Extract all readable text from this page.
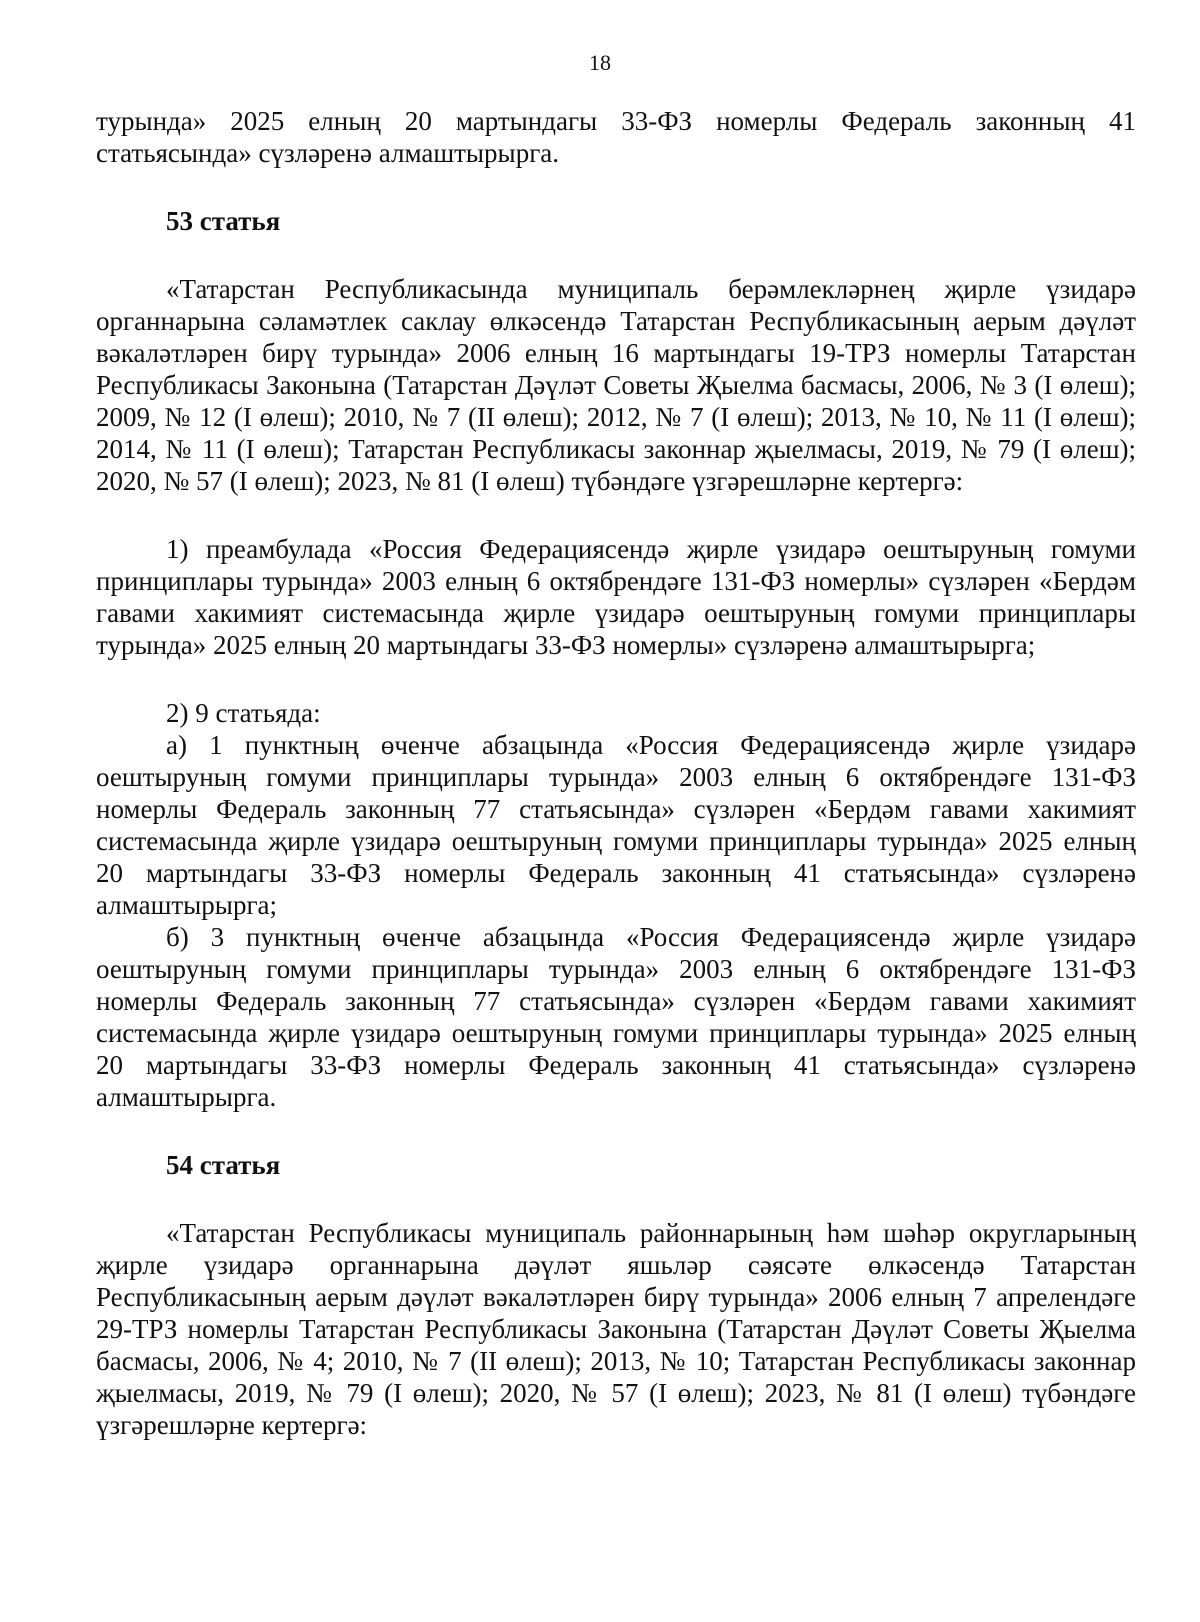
18

турында» 2025 елның 20 мартындагы 33-ФЗ номерлы Федераль законның 41 статьясында» сүзләренә алмаштырырга.

53 статья

«Татарстан Республикасында муниципаль берәмлекләрнең җирле үзидарә органнарына сәламәтлек саклау өлкәсендә Татарстан Республикасының аерым дәүләт вәкаләтләрен бирү турында» 2006 елның 16 мартындагы 19-ТРЗ номерлы Татарстан Республикасы Законына (Татарстан Дәүләт Советы Җыелма басмасы, 2006, № 3 (I өлеш); 2009, № 12 (I өлеш); 2010, № 7 (II өлеш); 2012, № 7 (I өлеш); 2013, № 10, № 11 (I өлеш); 2014, № 11 (I өлеш); Татарстан Республикасы законнар җыелмасы, 2019, № 79 (I өлеш); 2020, № 57 (I өлеш); 2023, № 81 (I өлеш) түбәндәге үзгәрешләрне кертергә:

1) преамбулада «Россия Федерациясендә җирле үзидарә оештыруның гомуми принциплары турында» 2003 елның 6 октябрендәге 131-ФЗ номерлы» сүзләрен «Бердәм гавами хакимият системасында җирле үзидарә оештыруның гомуми принциплары турында» 2025 елның 20 мартындагы 33-ФЗ номерлы» сүзләренә алмаштырырга;

2) 9 статьяда:

а) 1 пунктның өченче абзацында «Россия Федерациясендә җирле үзидарә оештыруның гомуми принциплары турында» 2003 елның 6 октябрендәге 131-ФЗ номерлы Федераль законның 77 статьясында» сүзләрен «Бердәм гавами хакимият системасында җирле үзидарә оештыруның гомуми принциплары турында» 2025 елның 20 мартындагы 33-ФЗ номерлы Федераль законның 41 статьясында» сүзләренә алмаштырырга;

б) 3 пунктның өченче абзацында «Россия Федерациясендә җирле үзидарә оештыруның гомуми принциплары турында» 2003 елның 6 октябрендәге 131-ФЗ номерлы Федераль законның 77 статьясында» сүзләрен «Бердәм гавами хакимият системасында җирле үзидарә оештыруның гомуми принциплары турында» 2025 елның 20 мартындагы 33-ФЗ номерлы Федераль законның 41 статьясында» сүзләренә алмаштырырга.

54 статья

«Татарстан Республикасы муниципаль районнарының һәм шәһәр округларының җирле үзидарә органнарына дәүләт яшьләр сәясәте өлкәсендә Татарстан Республикасының аерым дәүләт вәкаләтләрен бирү турында» 2006 елның 7 апрелендәге 29-ТРЗ номерлы Татарстан Республикасы Законына (Татарстан Дәүләт Советы Җыелма басмасы, 2006, № 4; 2010, № 7 (II өлеш); 2013, № 10; Татарстан Республикасы законнар җыелмасы, 2019, № 79 (I өлеш); 2020, № 57 (I өлеш); 2023, № 81 (I өлеш) түбәндәге үзгәрешләрне кертергә:
